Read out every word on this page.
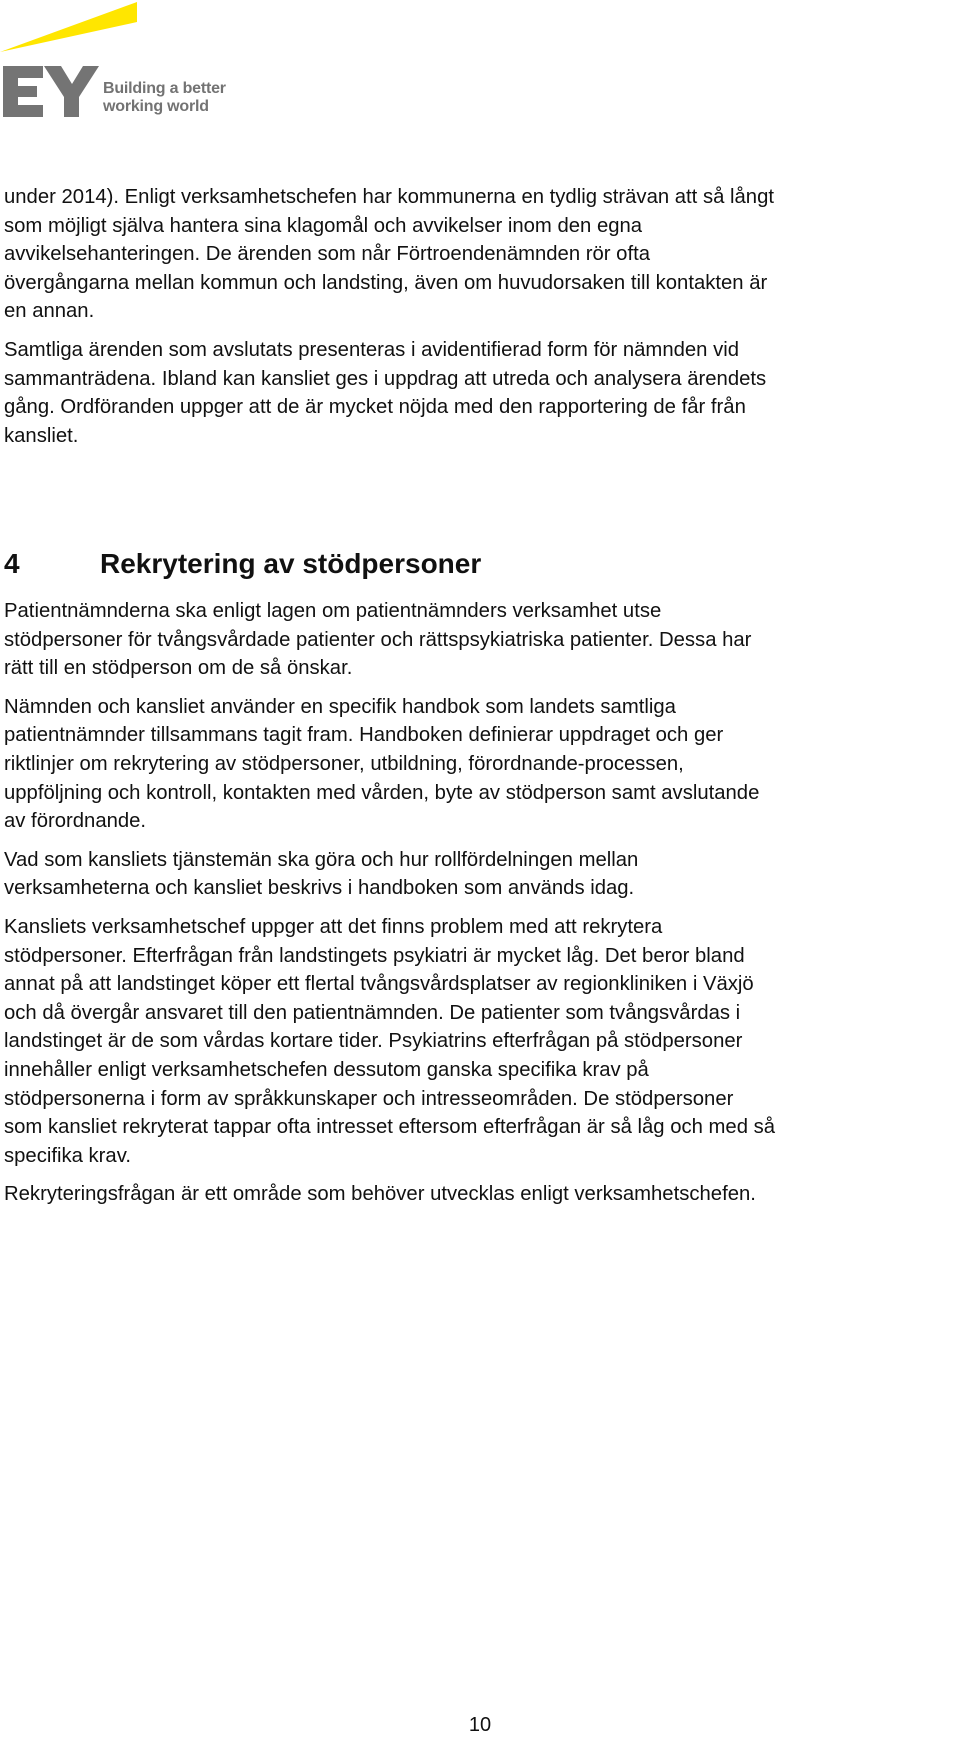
Building a better
working world

under 2014). Enligt verksamhetschefen har kommunerna en tydlig strävan att så långt
som möjligt själva hantera sina klagomål och avvikelser inom den egna
avvikelsehanteringen. De ärenden som når Förtroendenämnden rör ofta
övergångarna mellan kommun och landsting, även om huvudorsaken till kontakten är
en annan.

Samtliga ärenden som avslutats presenteras i avidentifierad form för nämnden vid
sammanträdena. Ibland kan kansliet ges i uppdrag att utreda och analysera ärendets
gång. Ordföranden uppger att de är mycket nöjda med den rapportering de får från
kansliet.

4	Rekrytering av stödpersoner

Patientnämnderna ska enligt lagen om patientnämnders verksamhet utse
stödpersoner för tvångsvårdade patienter och rättspsykiatriska patienter. Dessa har
rätt till en stödperson om de så önskar.

Nämnden och kansliet använder en specifik handbok som landets samtliga
patientnämnder tillsammans tagit fram. Handboken definierar uppdraget och ger
riktlinjer om rekrytering av stödpersoner, utbildning, förordnande-processen,
uppföljning och kontroll, kontakten med vården, byte av stödperson samt avslutande
av förordnande.

Vad som kansliets tjänstemän ska göra och hur rollfördelningen mellan
verksamheterna och kansliet beskrivs i handboken som används idag.

Kansliets verksamhetschef uppger att det finns problem med att rekrytera
stödpersoner. Efterfrågan från landstingets psykiatri är mycket låg. Det beror bland
annat på att landstinget köper ett flertal tvångsvårdsplatser av regionkliniken i Växjö
och då övergår ansvaret till den patientnämnden. De patienter som tvångsvårdas i
landstinget är de som vårdas kortare tider. Psykiatrins efterfrågan på stödpersoner
innehåller enligt verksamhetschefen dessutom ganska specifika krav på
stödpersonerna i form av språkkunskaper och intresseområden. De stödpersoner
som kansliet rekryterat tappar ofta intresset eftersom efterfrågan är så låg och med så
specifika krav.

Rekryteringsfrågan är ett område som behöver utvecklas enligt verksamhetschefen.

10
